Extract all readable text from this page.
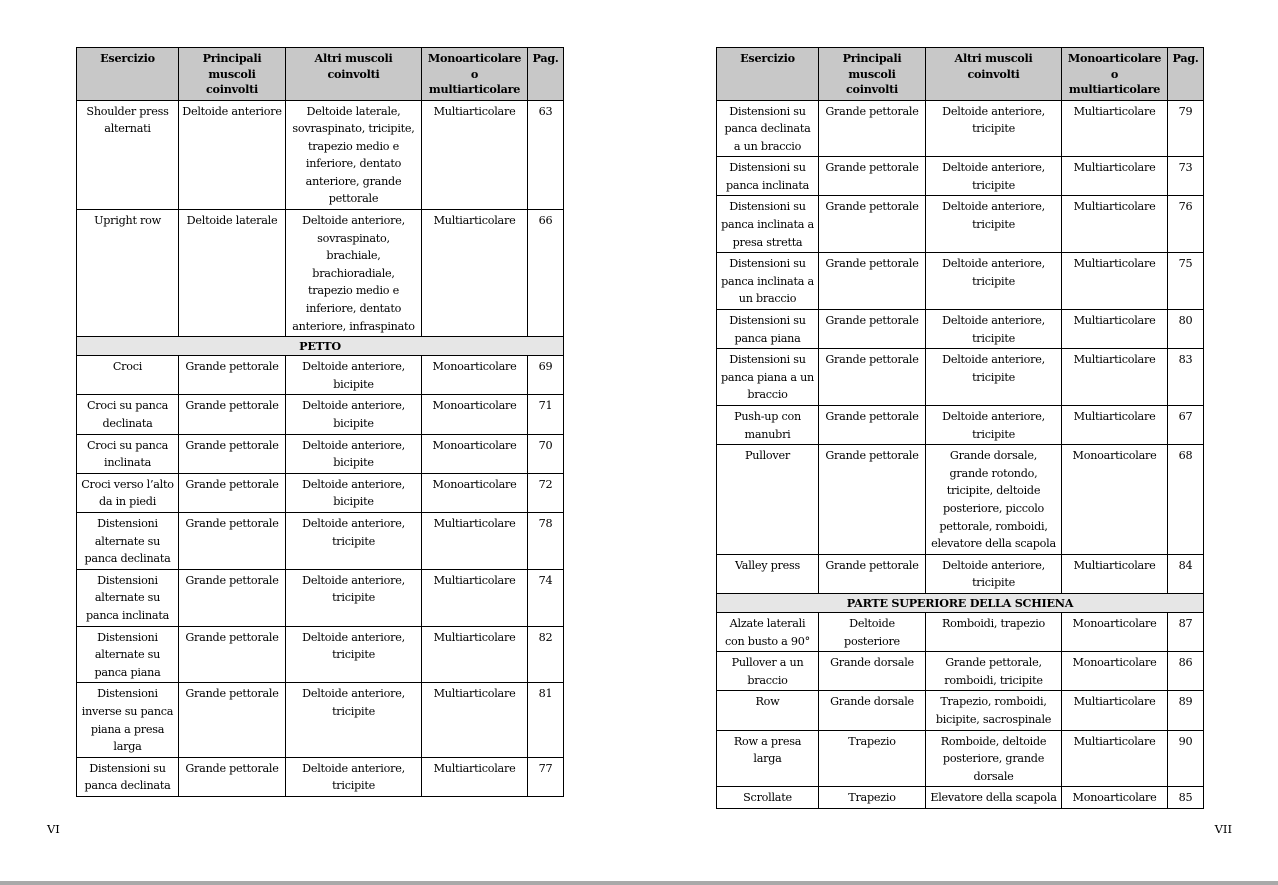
Esercizio	Principali muscoli coinvolti	Altri muscoli coinvolti	Monoarticolare o multiarticolare	Pag.
Shoulder press alternati	Deltoide anteriore	Deltoide laterale, sovraspinato, tricipite, trapezio medio e inferiore, dentato anteriore, grande pettorale	Multiarticolare	63
Upright row	Deltoide laterale	Deltoide anteriore, sovraspinato, brachiale, brachioradiale, trapezio medio e inferiore, dentato anteriore, infraspinato	Multiarticolare	66
PETTO				
Croci	Grande pettorale	Deltoide anteriore, bicipite	Monoarticolare	69
Croci su panca declinata	Grande pettorale	Deltoide anteriore, bicipite	Monoarticolare	71
Croci su panca inclinata	Grande pettorale	Deltoide anteriore, bicipite	Monoarticolare	70
Croci verso l’alto da in piedi	Grande pettorale	Deltoide anteriore, bicipite	Monoarticolare	72
Distensioni alternate su panca declinata	Grande pettorale	Deltoide anteriore, tricipite	Multiarticolare	78
Distensioni alternate su panca inclinata	Grande pettorale	Deltoide anteriore, tricipite	Multiarticolare	74
Distensioni alternate su panca piana	Grande pettorale	Deltoide anteriore, tricipite	Multiarticolare	82
Distensioni inverse su panca piana a presa larga	Grande pettorale	Deltoide anteriore, tricipite	Multiarticolare	81
Distensioni su panca declinata	Grande pettorale	Deltoide anteriore, tricipite	Multiarticolare	77
VI
Esercizio	Principali muscoli coinvolti	Altri muscoli coinvolti	Monoarticolare o multiarticolare	Pag.
Distensioni su panca declinata a un braccio	Grande pettorale	Deltoide anteriore, tricipite	Multiarticolare	79
Distensioni su panca inclinata	Grande pettorale	Deltoide anteriore, tricipite	Multiarticolare	73
Distensioni su panca inclinata a presa stretta	Grande pettorale	Deltoide anteriore, tricipite	Multiarticolare	76
Distensioni su panca inclinata a un braccio	Grande pettorale	Deltoide anteriore, tricipite	Multiarticolare	75
Distensioni su panca piana	Grande pettorale	Deltoide anteriore, tricipite	Multiarticolare	80
Distensioni su panca piana a un braccio	Grande pettorale	Deltoide anteriore, tricipite	Multiarticolare	83
Push-up con manubri	Grande pettorale	Deltoide anteriore, tricipite	Multiarticolare	67
Pullover	Grande pettorale	Grande dorsale, grande rotondo, tricipite, deltoide posteriore, piccolo pettorale, romboidi, elevatore della scapola	Monoarticolare	68
Valley press	Grande pettorale	Deltoide anteriore, tricipite	Multiarticolare	84
PARTE SUPERIORE DELLA SCHIENA				
Alzate laterali con busto a 90°	Deltoide posteriore	Romboidi, trapezio	Monoarticolare	87
Pullover a un braccio	Grande dorsale	Grande pettorale, romboidi, tricipite	Monoarticolare	86
Row	Grande dorsale	Trapezio, romboidi, bicipite, sacrospinale	Multiarticolare	89
Row a presa larga	Trapezio	Romboide, deltoide posteriore, grande dorsale	Multiarticolare	90
Scrollate	Trapezio	Elevatore della scapola	Monoarticolare	85
VII
